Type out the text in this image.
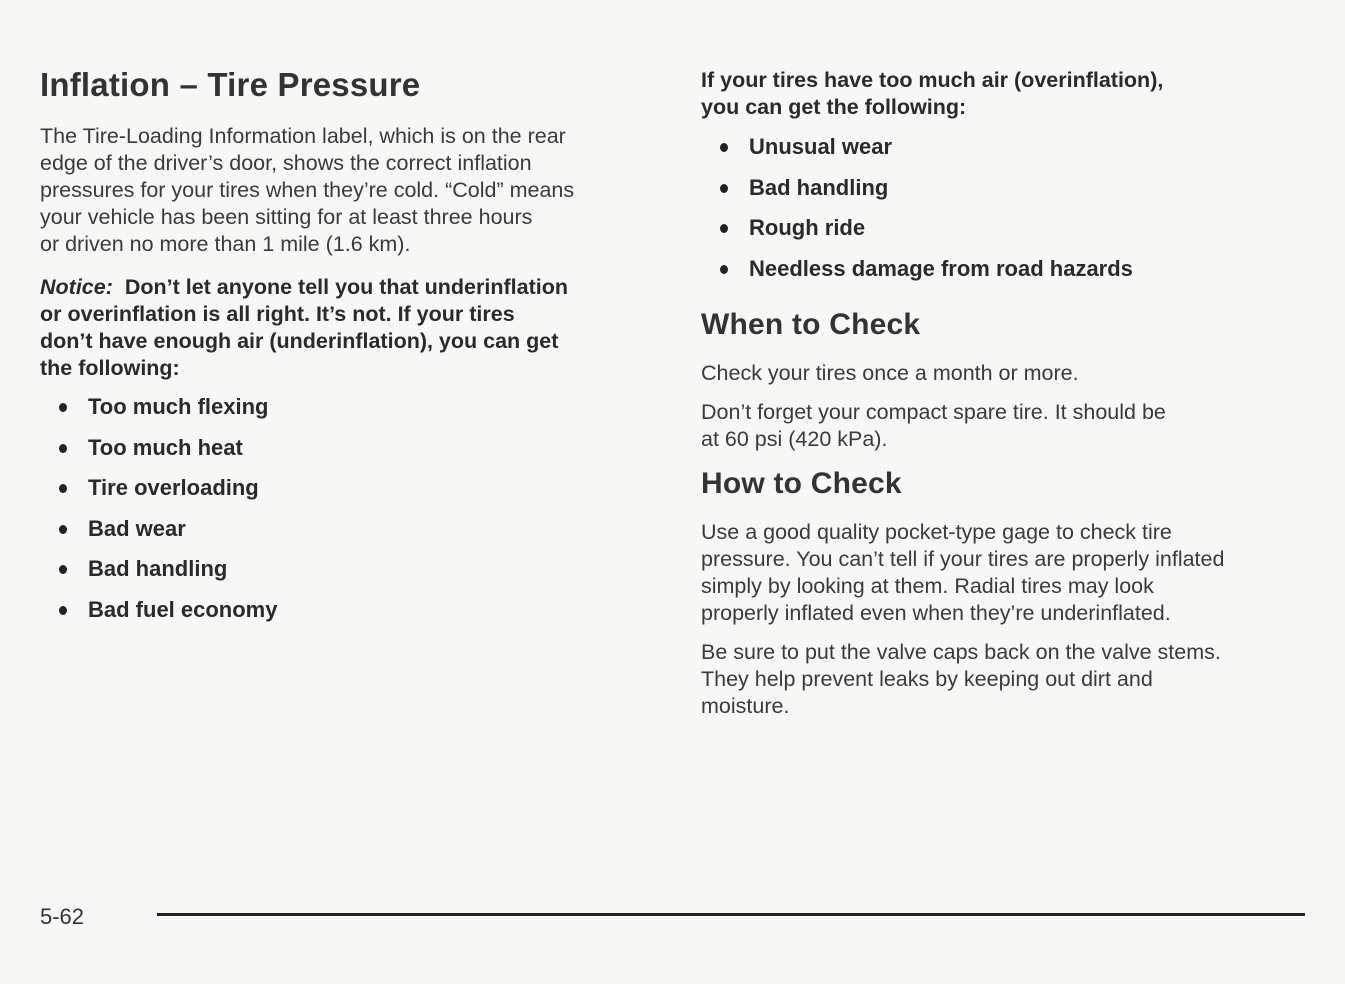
Inflation – Tire Pressure

The Tire-Loading Information label, which is on the rear
edge of the driver’s door, shows the correct inflation
pressures for your tires when they’re cold. “Cold” means
your vehicle has been sitting for at least three hours
or driven no more than 1 mile (1.6 km).

Notice: Don’t let anyone tell you that underinflation
or overinflation is all right. It’s not. If your tires
don’t have enough air (underinflation), you can get
the following:

Too much flexing
Too much heat
Tire overloading
Bad wear
Bad handling
Bad fuel economy

If your tires have too much air (overinflation),
you can get the following:

Unusual wear
Bad handling
Rough ride
Needless damage from road hazards
When to Check

Check your tires once a month or more.

Don’t forget your compact spare tire. It should be
at 60 psi (420 kPa).

How to Check

Use a good quality pocket-type gage to check tire
pressure. You can’t tell if your tires are properly inflated
simply by looking at them. Radial tires may look
properly inflated even when they’re underinflated.

Be sure to put the valve caps back on the valve stems.
They help prevent leaks by keeping out dirt and
moisture.

5-62
